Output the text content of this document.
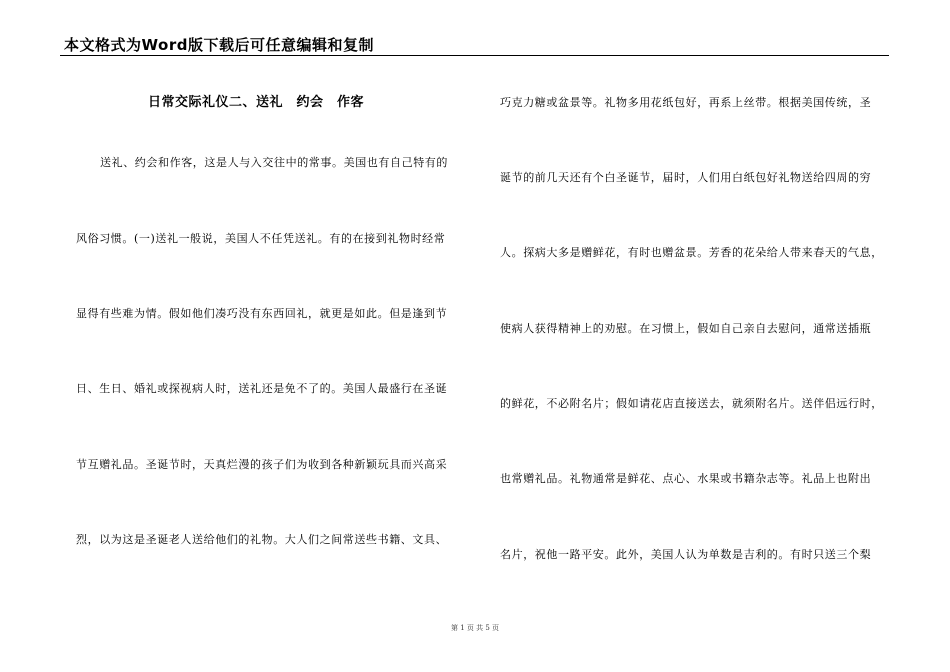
本文格式为Word版下载后可任意编辑和复制
日常交际礼仪二、送礼　约会　作客
送礼、约会和作客，这是人与入交往中的常事。美国也有自己特有的
风俗习惯。(一)送礼一般说，美国人不任凭送礼。有的在接到礼物时经常
显得有些难为情。假如他们凑巧没有东西回礼，就更是如此。但是逢到节
日、生日、婚礼或探视病人时，送礼还是免不了的。美国人最盛行在圣诞
节互赠礼品。圣诞节时，天真烂漫的孩子们为收到各种新颖玩具而兴高采
烈，以为这是圣诞老人送给他们的礼物。大人们之间常送些书籍、文具、
巧克力糖或盆景等。礼物多用花纸包好，再系上丝带。根据美国传统，圣
诞节的前几天还有个白圣诞节，届时，人们用白纸包好礼物送给四周的穷
人。探病大多是赠鲜花，有时也赠盆景。芳香的花朵给人带来春天的气息，
使病人获得精神上的劝慰。在习惯上，假如自己亲自去慰问，通常送插瓶
的鲜花，不必附名片；假如请花店直接送去，就须附名片。送伴侣远行时，
也常赠礼品。礼物通常是鲜花、点心、水果或书籍杂志等。礼品上也附出
名片，祝他一路平安。此外，美国人认为单数是吉利的。有时只送三个梨
第 1 页 共 5 页
